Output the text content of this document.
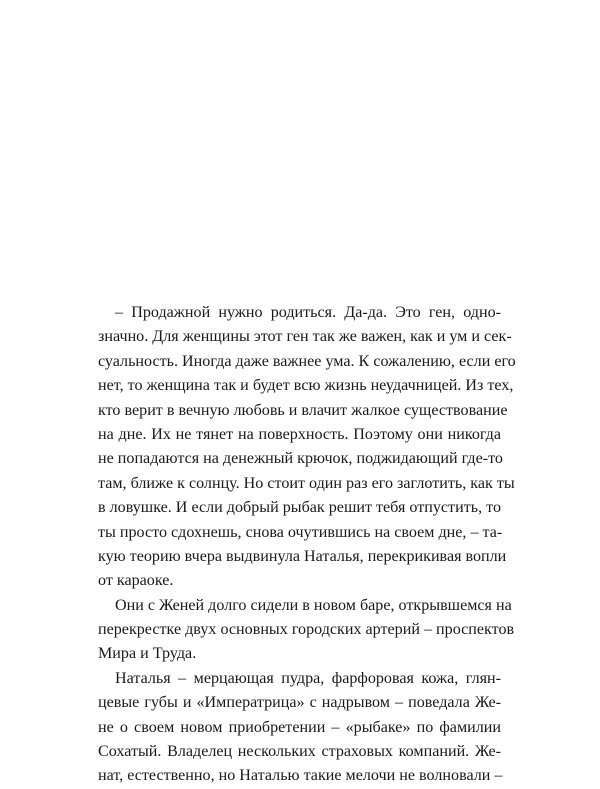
– Продажной нужно родиться. Да-да. Это ген, одно-
значно. Для женщины этот ген так же важен, как и ум и сек-
суальность. Иногда даже важнее ума. К сожалению, если его
нет, то женщина так и будет всю жизнь неудачницей. Из тех,
кто верит в вечную любовь и влачит жалкое существование
на дне. Их не тянет на поверхность. Поэтому они никогда
не попадаются на денежный крючок, поджидающий где-то
там, ближе к солнцу. Но стоит один раз его заглотить, как ты
в ловушке. И если добрый рыбак решит тебя отпустить, то
ты просто сдохнешь, снова очутившись на своем дне, – та-
кую теорию вчера выдвинула Наталья, перекрикивая вопли
от караоке.
Они с Женей долго сидели в новом баре, открывшемся на
перекрестке двух основных городских артерий – проспектов
Мира и Труда.
Наталья – мерцающая пудра, фарфоровая кожа, глян-
цевые губы и «Императрица» с надрывом – поведала Же-
не о своем новом приобретении – «рыбаке» по фамилии
Сохатый. Владелец нескольких страховых компаний. Же-
нат, естественно, но Наталью такие мелочи не волновали –
